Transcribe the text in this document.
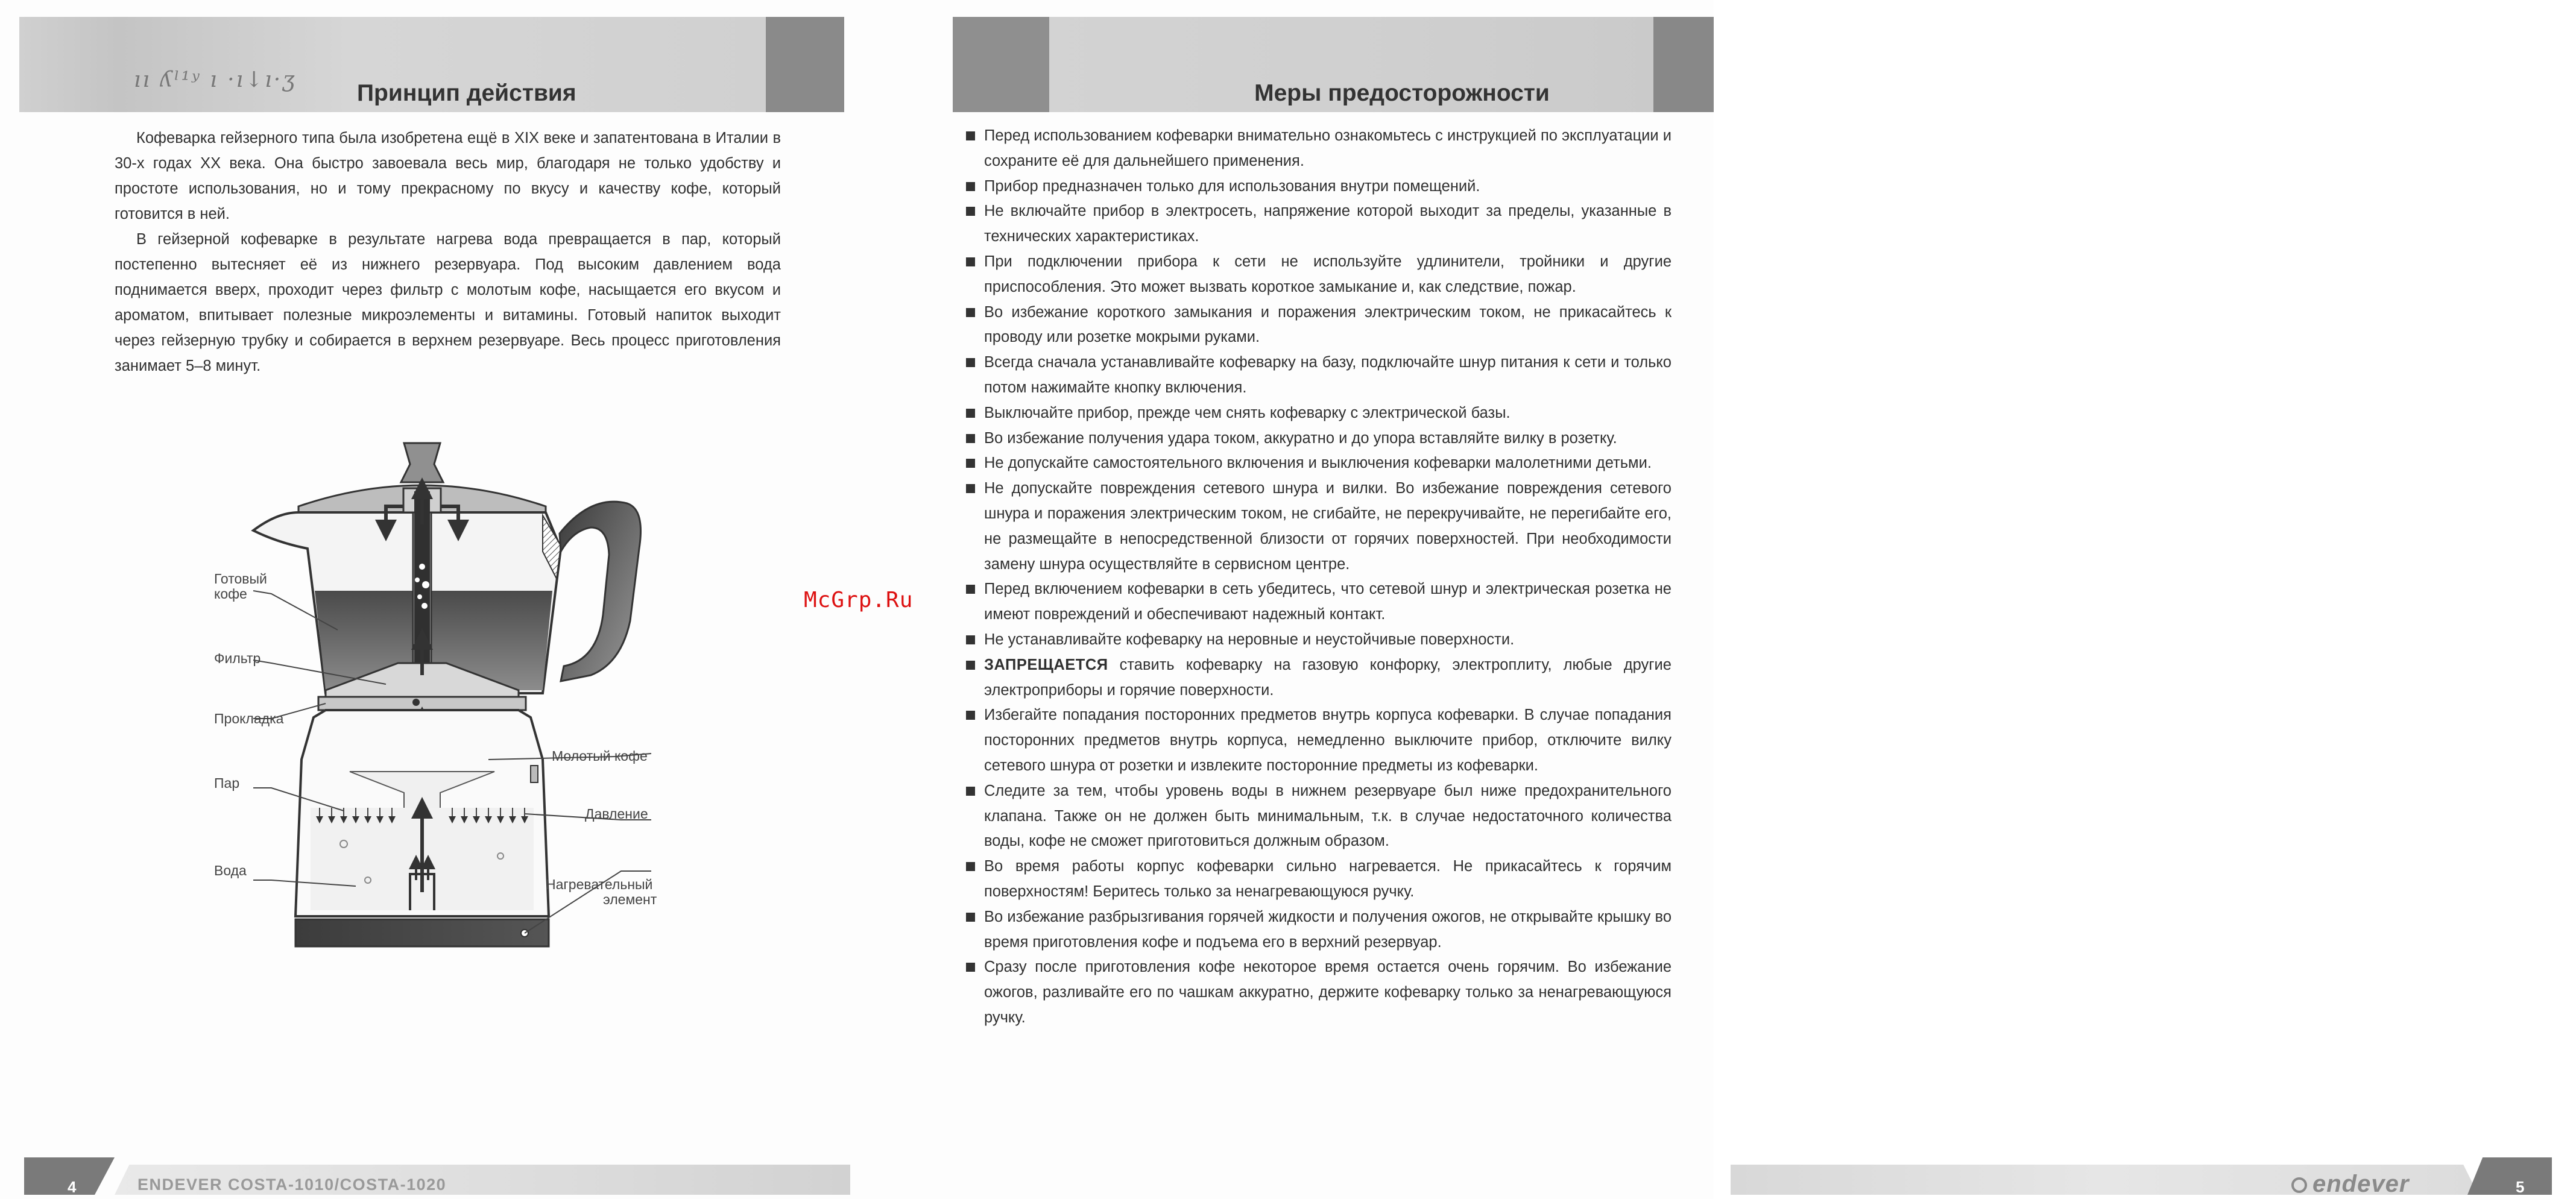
ıı ʎˡ¹ʸ ı ·ı↓ı·ʒ
Принцип действия

Кофеварка гейзерного типа была изобретена ещё в XIX веке и запатентована в Италии в 30-х годах XX века. Она быстро завоевала весь мир, благодаря не только удобству и простоте использования, но и тому прекрасному по вкусу и качеству кофе, который готовится в ней.

В гейзерной кофеварке в результате нагрева вода превращается в пар, который постепенно вытесняет её из нижнего резервуара. Под высоким давлением вода поднимается вверх, проходит через фильтр с молотым кофе, насыщается его вкусом и ароматом, впитывает полезные микроэлементы и витамины. Готовый напиток выходит через гейзерную трубку и собирается в верхнем резервуаре. Весь процесс приготовления занимает 5–8 минут.

Готовый
кофе
Фильтр
Прокладка
Пар
Вода
Молотый кофе
Давление
Нагревательный
элемент
4	ENDEVER COSTA-1010/COSTA-1020
Меры предосторожности
Перед использованием кофеварки внимательно ознакомьтесь с инструкцией по эксплуатации и сохраните её для дальнейшего применения.
Прибор предназначен только для использования внутри помещений.
Не включайте прибор в электросеть, напряжение которой выходит за пределы, указанные в технических характеристиках.
При подключении прибора к сети не используйте удлинители, тройники и другие приспособления. Это может вызвать короткое замыкание и, как следствие, пожар.
Во избежание короткого замыкания и поражения электрическим током, не прикасайтесь к проводу или розетке мокрыми руками.
Всегда сначала устанавливайте кофеварку на базу, подключайте шнур питания к сети и только потом нажимайте кнопку включения.
Выключайте прибор, прежде чем снять кофеварку с электрической базы.
Во избежание получения удара током, аккуратно и до упора вставляйте вилку в розетку.
Не допускайте самостоятельного включения и выключения кофеварки малолетними детьми.
Не допускайте повреждения сетевого шнура и вилки. Во избежание повреждения сетевого шнура и поражения электрическим током, не сгибайте, не перекручивайте, не перегибайте его, не размещайте в непосредственной близости от горячих поверхностей. При необходимости замену шнура осуществляйте в сервисном центре.
Перед включением кофеварки в сеть убедитесь, что сетевой шнур и электрическая розетка не имеют повреждений и обеспечивают надежный контакт.
Не устанавливайте кофеварку на неровные и неустойчивые поверхности.
ЗАПРЕЩАЕТСЯ ставить кофеварку на газовую конфорку, электроплиту, любые другие электроприборы и горячие поверхности.
Избегайте попадания посторонних предметов внутрь корпуса кофеварки. В случае попадания посторонних предметов внутрь корпуса, немедленно выключите прибор, отключите вилку сетевого шнура от розетки и извлеките посторонние предметы из кофеварки.
Следите за тем, чтобы уровень воды в нижнем резервуаре был ниже предохранительного клапана. Также он не должен быть минимальным, т.к. в случае недостаточного количества воды, кофе не сможет приготовиться должным образом.
Во время работы корпус кофеварки сильно нагревается. Не прикасайтесь к горячим поверхностям! Беритесь только за ненагревающуюся ручку.
Во избежание разбрызгивания горячей жидкости и получения ожогов, не открывайте крышку во время приготовления кофе и подъема его в верхний резервуар.
Сразу после приготовления кофе некоторое время остается очень горячим. Во избежание ожогов, разливайте его по чашкам аккуратно, держите кофеварку только за ненагревающуюся ручку.
endever	5
McGrp.Ru
